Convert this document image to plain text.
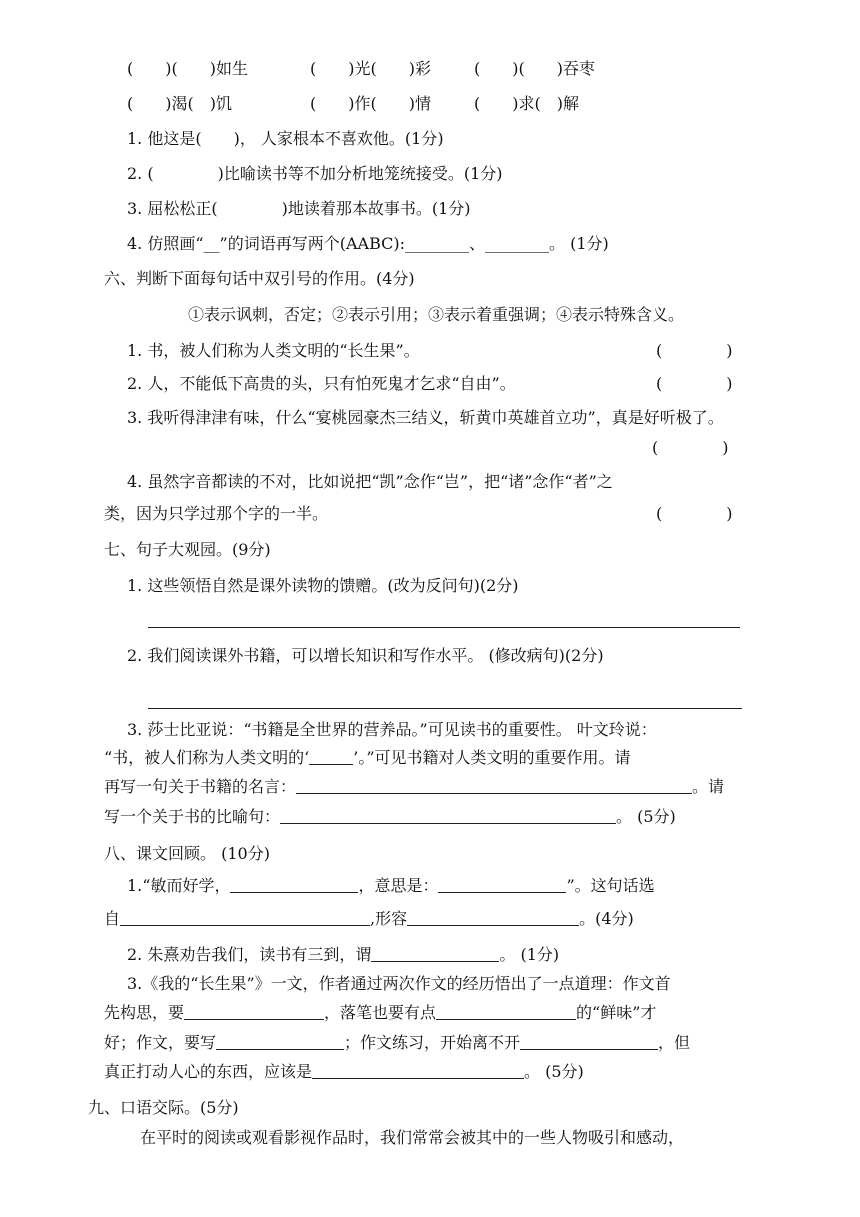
(　　)(　　)如生	(　　)光(　　)彩	(　　)(　　)吞枣
(　　)渴(　)饥	(　　)作(　　)情	(　　)求(　)解
1. 他这是(　　)， 人家根本不喜欢他。(1分)
2. (　　　　)比喻读书等不加分析地笼统接受。(1分)
3. 屈松松正(　　　　)地读着那本故事书。(1分)
4. 仿照画“__”的词语再写两个(AABC):________、________。 (1分)
六、判断下面每句话中双引号的作用。(4分)
①表示讽刺，否定；②表示引用；③表示着重强调；④表示特殊含义。
1. 书，被人们称为人类文明的“长生果”。	(　　　　)
2. 人，不能低下高贵的头，只有怕死鬼才乞求“自由”。	(　　　　)
3. 我听得津津有味，什么“宴桃园豪杰三结义，斩黄巾英雄首立功”，真是好听极了。
(　　　　)
4. 虽然字音都读的不对，比如说把“凯”念作“岂”，把“诸”念作“者”之
类，因为只学过那个字的一半。	(　　　　)
七、句子大观园。(9分)
1. 这些领悟自然是课外读物的馈赠。(改为反问句)(2分)
2. 我们阅读课外书籍，可以增长知识和写作水平。 (修改病句)(2分)
3. 莎士比亚说：“书籍是全世界的营养品。”可见读书的重要性。 叶文玲说：
“书，被人们称为人类文明的‘	’。”可见书籍对人类文明的重要作用。请
再写一句关于书籍的名言：	。请
写一个关于书的比喻句：	。 (5分)
八、课文回顾。 (10分)
1.“敏而好学，	，意思是：	”。这句话选
自	,形容	。(4分)
2. 朱熹劝告我们，读书有三到，谓	。 (1分)
3.《我的“长生果”》一文，作者通过两次作文的经历悟出了一点道理：作文首
先构思，要	，落笔也要有点	的“鲜味”才
好；作文，要写	；作文练习，开始离不开	，但
真正打动人心的东西，应该是	。 (5分)
九、口语交际。(5分)
在平时的阅读或观看影视作品时，我们常常会被其中的一些人物吸引和感动，
